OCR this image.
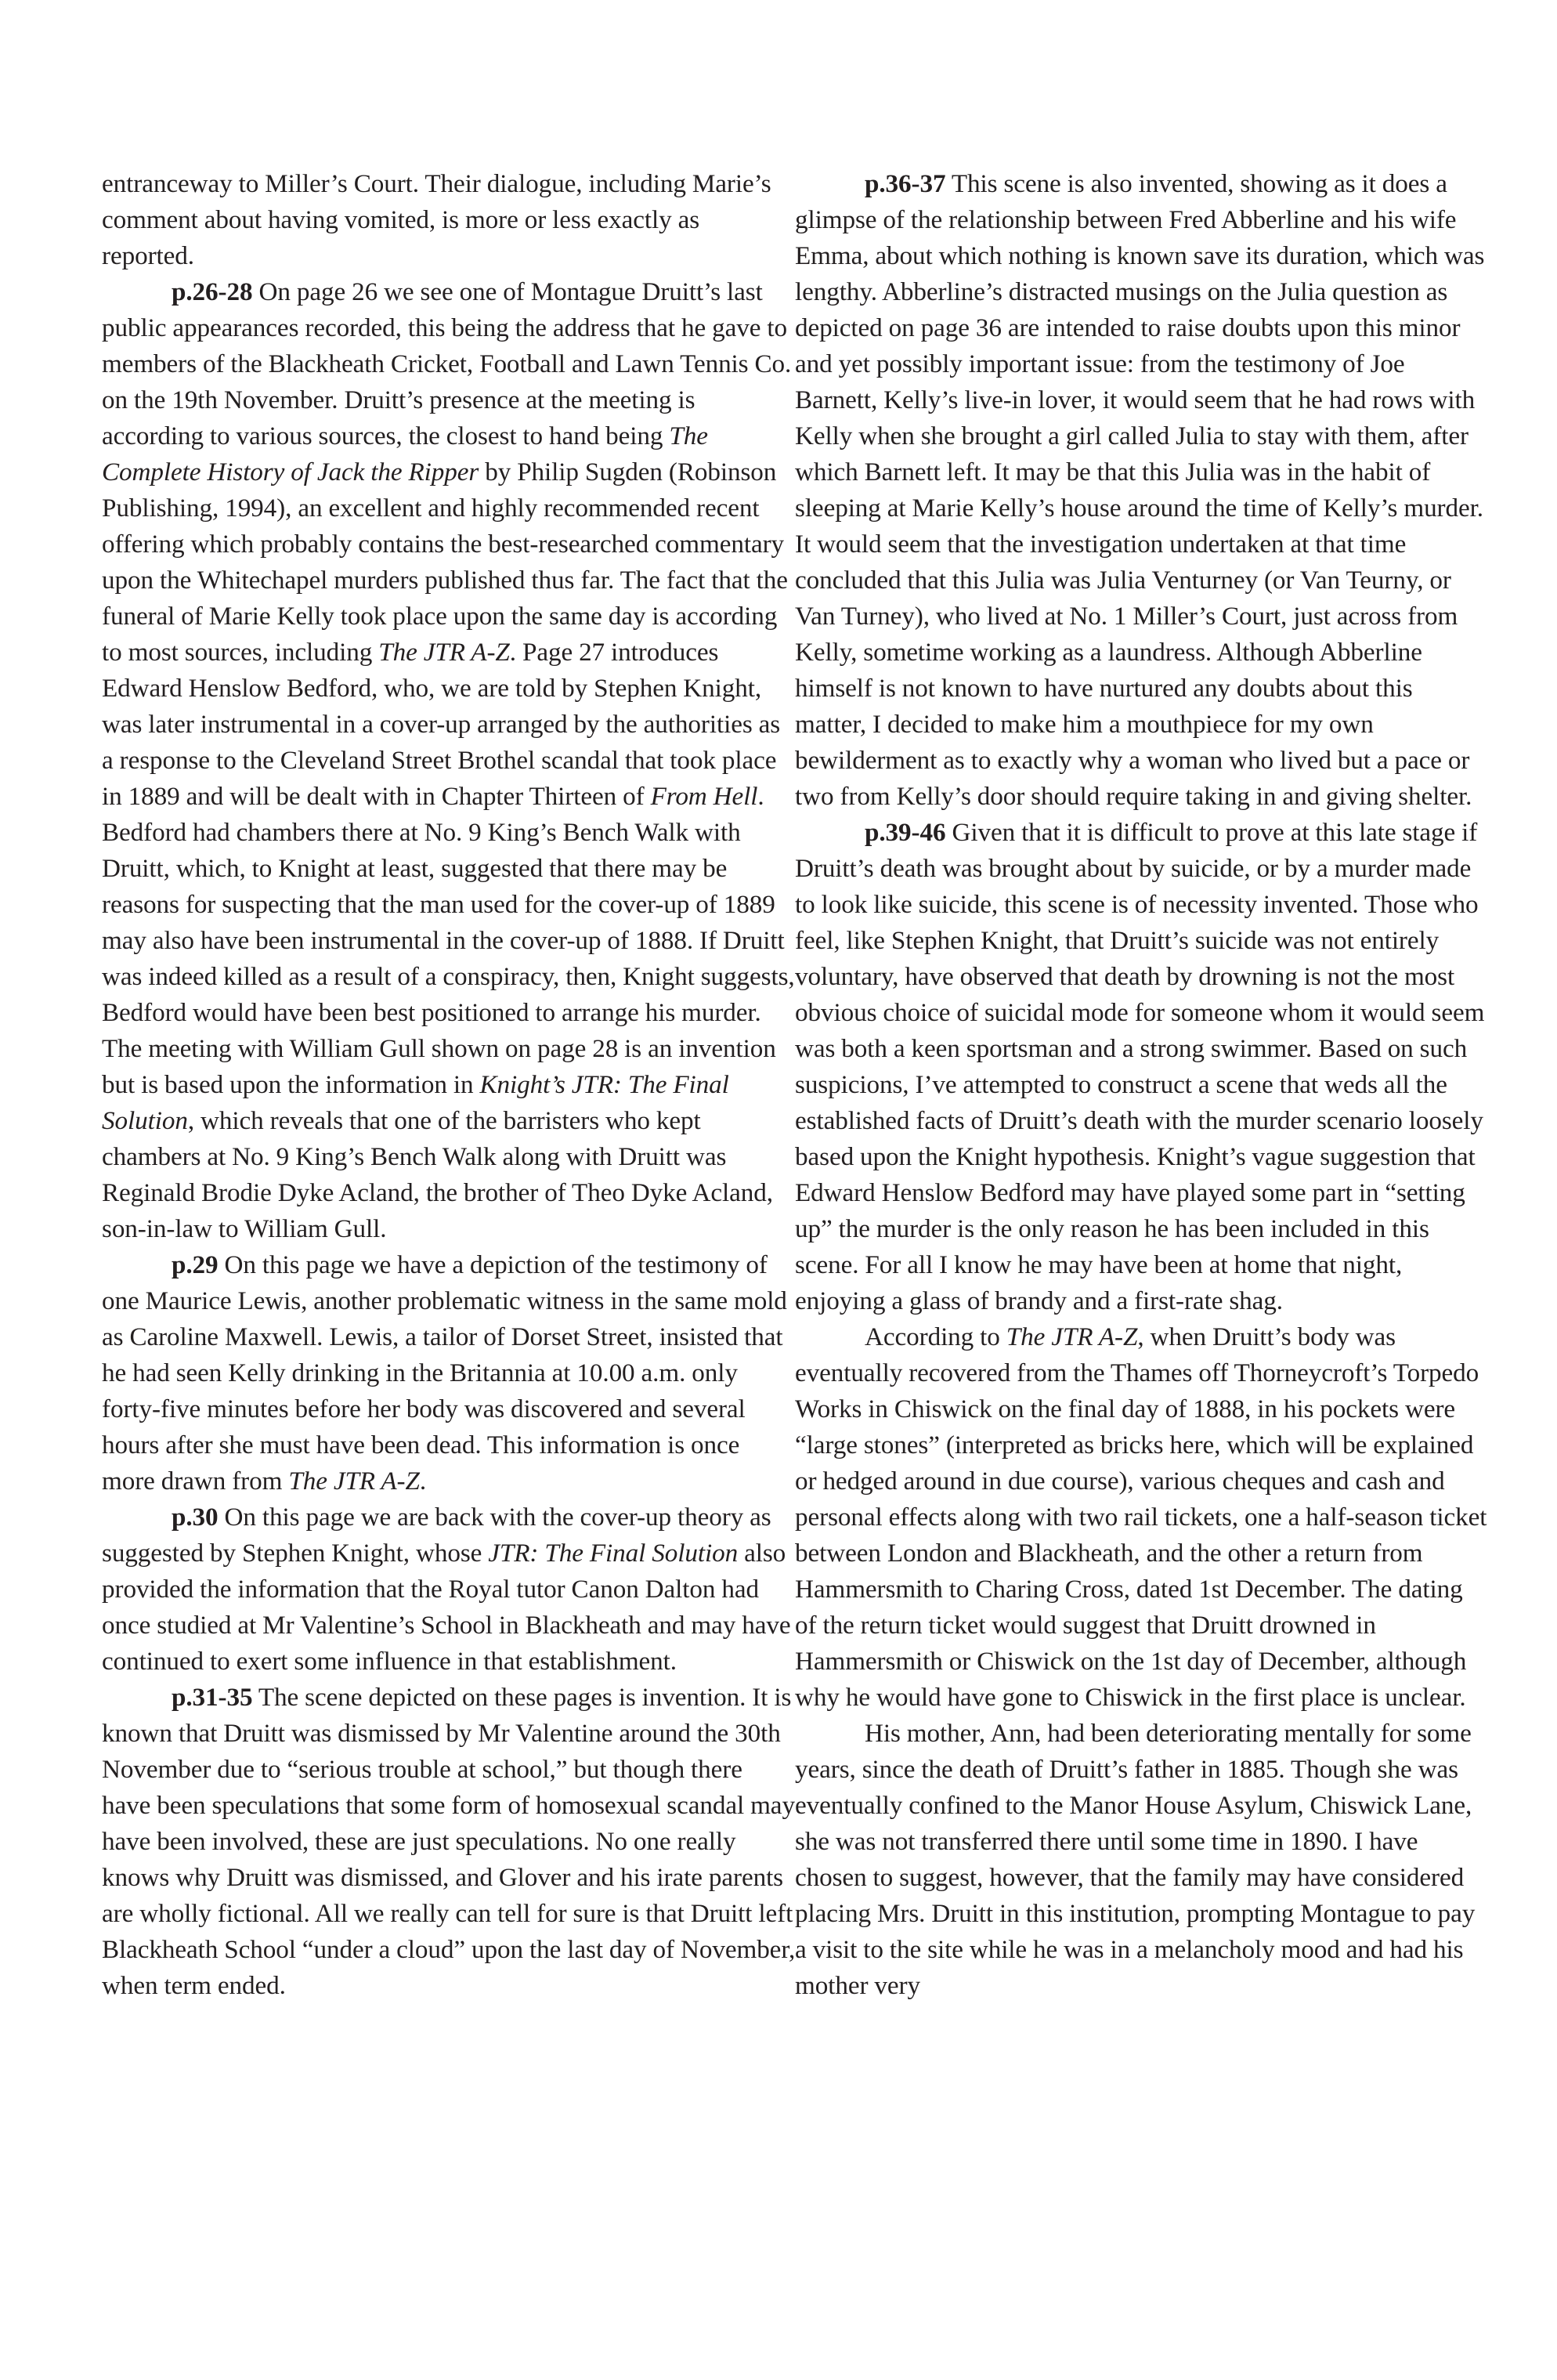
entranceway to Miller’s Court. Their dialogue, including Marie’s comment about having vomited, is more or less exactly as reported.

p.26-28 On page 26 we see one of Montague Druitt’s last public appearances recorded, this being the address that he gave to members of the Blackheath Cricket, Football and Lawn Tennis Co. on the 19th November. Druitt’s presence at the meeting is according to various sources, the closest to hand being The Complete History of Jack the Ripper by Philip Sugden (Robinson Publishing, 1994), an excellent and highly recommended recent offering which probably contains the best-researched commentary upon the Whitechapel murders published thus far. The fact that the funeral of Marie Kelly took place upon the same day is according to most sources, including The JTR A-Z. Page 27 introduces Edward Henslow Bedford, who, we are told by Stephen Knight, was later instrumental in a cover-up arranged by the authorities as a response to the Cleveland Street Brothel scandal that took place in 1889 and will be dealt with in Chapter Thirteen of From Hell. Bedford had chambers there at No. 9 King’s Bench Walk with Druitt, which, to Knight at least, suggested that there may be reasons for suspecting that the man used for the cover-up of 1889 may also have been instrumental in the cover-up of 1888. If Druitt was indeed killed as a result of a conspiracy, then, Knight suggests, Bedford would have been best positioned to arrange his murder. The meeting with William Gull shown on page 28 is an invention but is based upon the information in Knight’s JTR: The Final Solution, which reveals that one of the barristers who kept chambers at No. 9 King’s Bench Walk along with Druitt was Reginald Brodie Dyke Acland, the brother of Theo Dyke Acland, son-in-law to William Gull.

p.29 On this page we have a depiction of the testimony of one Maurice Lewis, another problematic witness in the same mold as Caroline Maxwell. Lewis, a tailor of Dorset Street, insisted that he had seen Kelly drinking in the Britannia at 10.00 a.m. only forty-five minutes before her body was discovered and several hours after she must have been dead. This information is once more drawn from The JTR A-Z.

p.30 On this page we are back with the cover-up theory as suggested by Stephen Knight, whose JTR: The Final Solution also provided the information that the Royal tutor Canon Dalton had once studied at Mr Valentine’s School in Blackheath and may have continued to exert some influence in that establishment.

p.31-35 The scene depicted on these pages is invention. It is known that Druitt was dismissed by Mr Valentine around the 30th November due to “serious trouble at school,” but though there have been speculations that some form of homosexual scandal may have been involved, these are just speculations. No one really knows why Druitt was dismissed, and Glover and his irate parents are wholly fictional. All we really can tell for sure is that Druitt left Blackheath School “under a cloud” upon the last day of November, when term ended.

p.36-37 This scene is also invented, showing as it does a glimpse of the relationship between Fred Abberline and his wife Emma, about which nothing is known save its duration, which was lengthy. Abberline’s distracted musings on the Julia question as depicted on page 36 are intended to raise doubts upon this minor and yet possibly important issue: from the testimony of Joe Barnett, Kelly’s live-in lover, it would seem that he had rows with Kelly when she brought a girl called Julia to stay with them, after which Barnett left. It may be that this Julia was in the habit of sleeping at Marie Kelly’s house around the time of Kelly’s murder. It would seem that the investigation undertaken at that time concluded that this Julia was Julia Venturney (or Van Teurny, or Van Turney), who lived at No. 1 Miller’s Court, just across from Kelly, sometime working as a laundress. Although Abberline himself is not known to have nurtured any doubts about this matter, I decided to make him a mouthpiece for my own bewilderment as to exactly why a woman who lived but a pace or two from Kelly’s door should require taking in and giving shelter.

p.39-46 Given that it is difficult to prove at this late stage if Druitt’s death was brought about by suicide, or by a murder made to look like suicide, this scene is of necessity invented. Those who feel, like Stephen Knight, that Druitt’s suicide was not entirely voluntary, have observed that death by drowning is not the most obvious choice of suicidal mode for someone whom it would seem was both a keen sportsman and a strong swimmer. Based on such suspicions, I’ve attempted to construct a scene that weds all the established facts of Druitt’s death with the murder scenario loosely based upon the Knight hypothesis. Knight’s vague suggestion that Edward Henslow Bedford may have played some part in “setting up” the murder is the only reason he has been included in this scene. For all I know he may have been at home that night, enjoying a glass of brandy and a first-rate shag.

According to The JTR A-Z, when Druitt’s body was eventually recovered from the Thames off Thorneycroft’s Torpedo Works in Chiswick on the final day of 1888, in his pockets were “large stones” (interpreted as bricks here, which will be explained or hedged around in due course), various cheques and cash and personal effects along with two rail tickets, one a half-season ticket between London and Blackheath, and the other a return from Hammersmith to Charing Cross, dated 1st December. The dating of the return ticket would suggest that Druitt drowned in Hammersmith or Chiswick on the 1st day of December, although why he would have gone to Chiswick in the first place is unclear.

His mother, Ann, had been deteriorating mentally for some years, since the death of Druitt’s father in 1885. Though she was eventually confined to the Manor House Asylum, Chiswick Lane, she was not transferred there until some time in 1890. I have chosen to suggest, however, that the family may have considered placing Mrs. Druitt in this institution, prompting Montague to pay a visit to the site while he was in a melancholy mood and had his mother very
